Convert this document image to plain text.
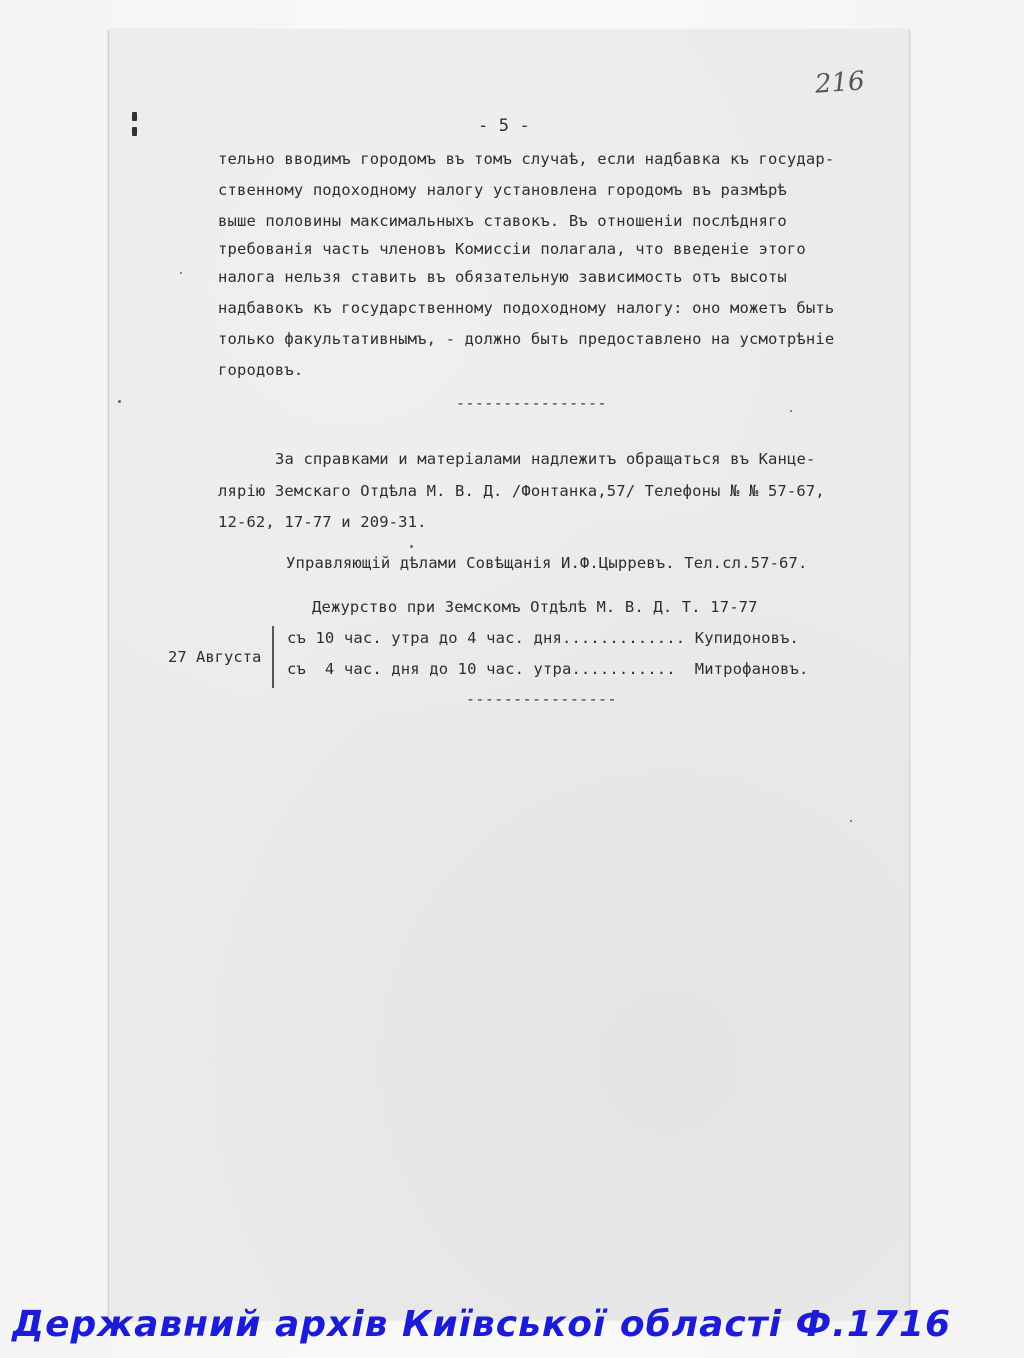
216
- 5 -
тельно вводимъ городомъ въ томъ случаѣ, если надбавка къ государ-
ственному подоходному налогу установлена городомъ въ размѣрѣ
выше половины максимальныхъ ставокъ. Въ отношенiи послѣдняго
требованiя часть членовъ Комиссiи полагала, что введенiе этого
налога нельзя ставить въ обязательную зависимость отъ высоты
надбавокъ къ государственному подоходному налогу: оно можетъ быть
только факультативнымъ, - должно быть предоставлено на усмотрѣнiе
городовъ.
----------------
За справками и матерiалами надлежитъ обращаться въ Канце-
лярiю Земскаго Отдѣла М. В. Д. /Фонтанка,57/ Телефоны № № 57-67,
12-62, 17-77 и 209-31.
Управляющiй дѣлами Совѣщанiя И.Ф.Цырревъ. Тел.сл.57-67.
Дежурство при Земскомъ Отдѣлѣ М. В. Д. Т. 17-77
27 Августа
съ 10 час. утра до 4 час. дня............. Купидоновъ.
съ  4 час. дня до 10 час. утра...........  Митрофановъ.
----------------
Державний архів Київської області Ф.1716
